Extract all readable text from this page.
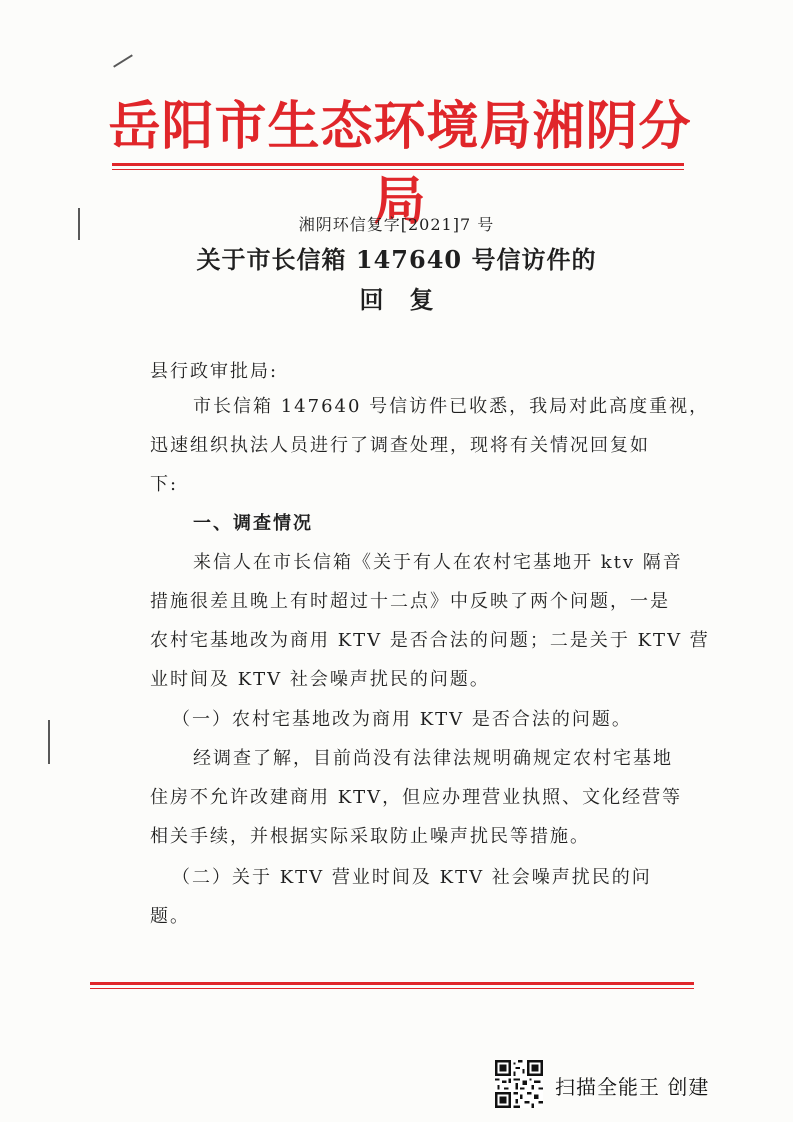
岳阳市生态环境局湘阴分局
湘阴环信复字[2021]7 号
关于市长信箱 147640 号信访件的
回复
县行政审批局:
市长信箱 147640 号信访件已收悉，我局对此高度重视，
迅速组织执法人员进行了调查处理，现将有关情况回复如
下:
一、调查情况
来信人在市长信箱《关于有人在农村宅基地开 ktv 隔音
措施很差且晚上有时超过十二点》中反映了两个问题，一是
农村宅基地改为商用 KTV 是否合法的问题；二是关于 KTV 营
业时间及 KTV 社会噪声扰民的问题。
（一）农村宅基地改为商用 KTV 是否合法的问题。
经调查了解，目前尚没有法律法规明确规定农村宅基地
住房不允许改建商用 KTV，但应办理营业执照、文化经营等
相关手续，并根据实际采取防止噪声扰民等措施。
（二）关于 KTV 营业时间及 KTV 社会噪声扰民的问
题。
扫描全能王 创建
